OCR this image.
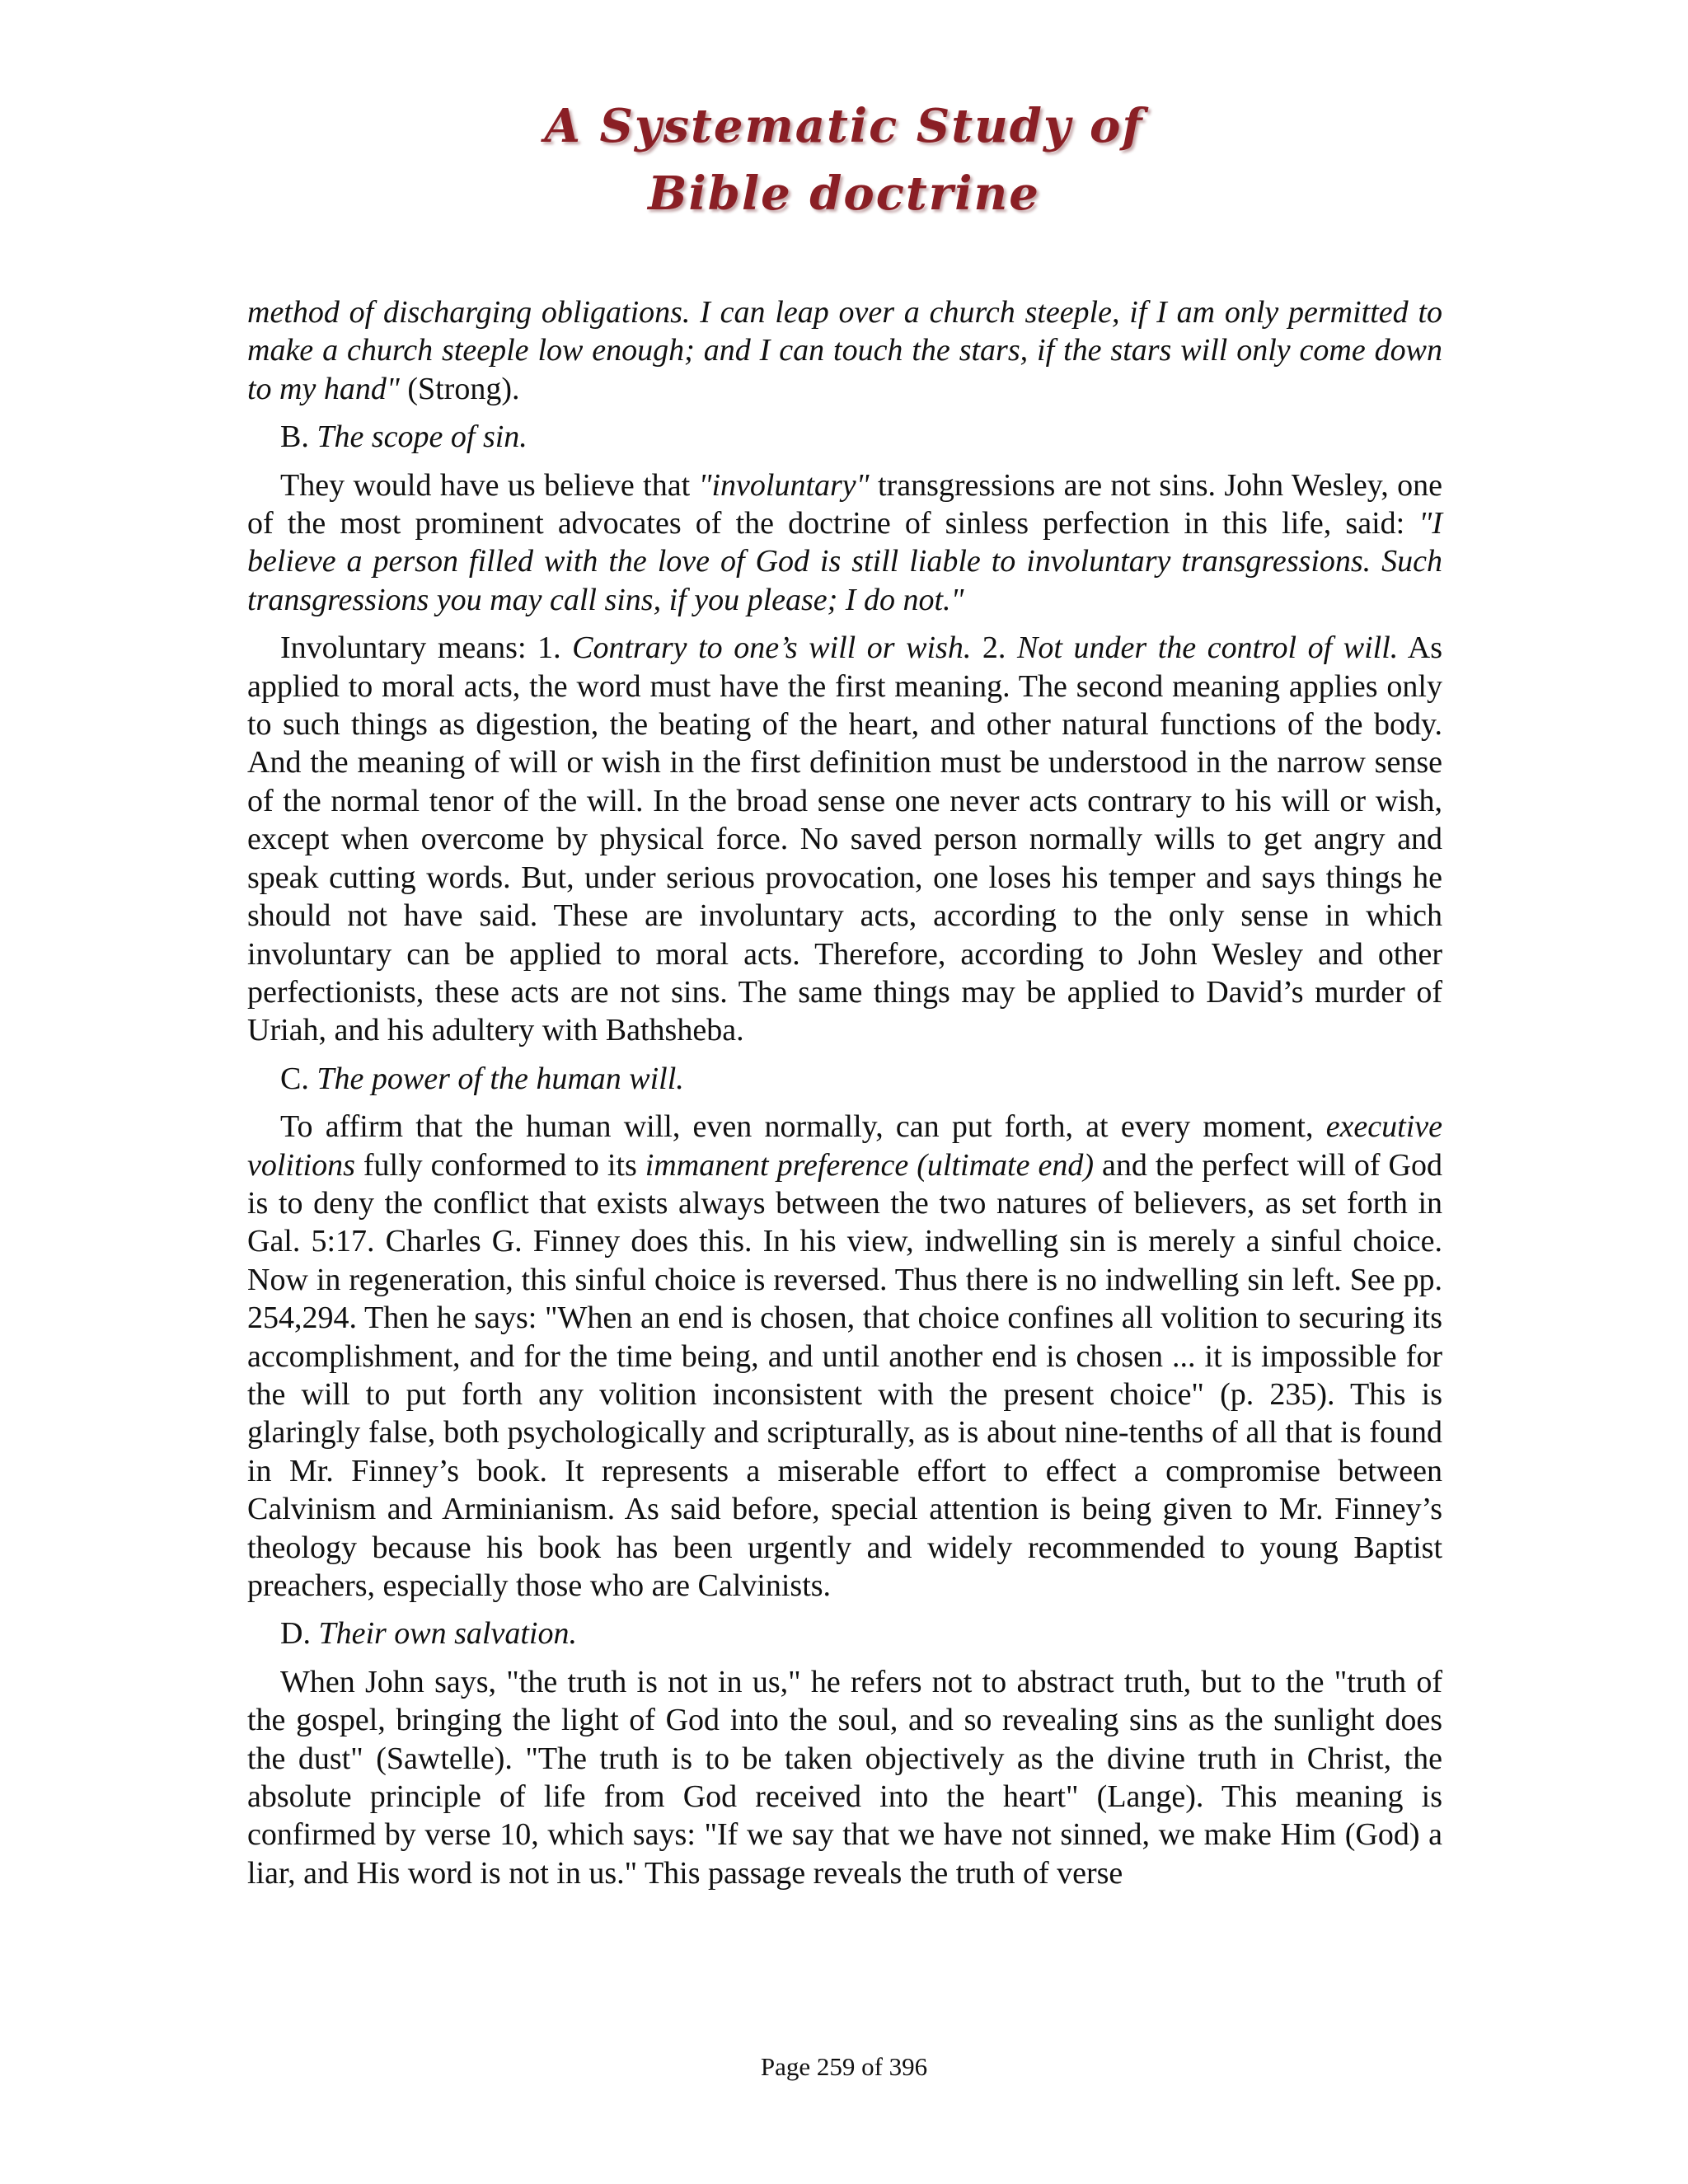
A Systematic Study of
Bible doctrine

method of discharging obligations. I can leap over a church steeple, if I am only permitted to make a church steeple low enough; and I can touch the stars, if the stars will only come down to my hand" (Strong).

B. The scope of sin.

They would have us believe that "involuntary" transgressions are not sins. John Wesley, one of the most prominent advocates of the doctrine of sinless perfection in this life, said: "I believe a person filled with the love of God is still liable to involuntary transgressions. Such transgressions you may call sins, if you please; I do not."

Involuntary means: 1. Contrary to one’s will or wish. 2. Not under the control of will. As applied to moral acts, the word must have the first meaning. The second meaning applies only to such things as digestion, the beating of the heart, and other natural functions of the body. And the meaning of will or wish in the first definition must be understood in the narrow sense of the normal tenor of the will. In the broad sense one never acts contrary to his will or wish, except when overcome by physical force. No saved person normally wills to get angry and speak cutting words. But, under serious provocation, one loses his temper and says things he should not have said. These are involuntary acts, according to the only sense in which involuntary can be applied to moral acts. Therefore, according to John Wesley and other perfectionists, these acts are not sins. The same things may be applied to David’s murder of Uriah, and his adultery with Bathsheba.

C. The power of the human will.

To affirm that the human will, even normally, can put forth, at every moment, executive volitions fully conformed to its immanent preference (ultimate end) and the perfect will of God is to deny the conflict that exists always between the two natures of believers, as set forth in Gal. 5:17. Charles G. Finney does this. In his view, indwelling sin is merely a sinful choice. Now in regeneration, this sinful choice is reversed. Thus there is no indwelling sin left. See pp. 254,294. Then he says: "When an end is chosen, that choice confines all volition to securing its accomplishment, and for the time being, and until another end is chosen ... it is impossible for the will to put forth any volition inconsistent with the present choice" (p. 235). This is glaringly false, both psychologically and scripturally, as is about nine-tenths of all that is found in Mr. Finney’s book. It represents a miserable effort to effect a compromise between Calvinism and Arminianism. As said before, special attention is being given to Mr. Finney’s theology because his book has been urgently and widely recommended to young Baptist preachers, especially those who are Calvinists.

D. Their own salvation.

When John says, "the truth is not in us," he refers not to abstract truth, but to the "truth of the gospel, bringing the light of God into the soul, and so revealing sins as the sunlight does the dust" (Sawtelle). "The truth is to be taken objectively as the divine truth in Christ, the absolute principle of life from God received into the heart" (Lange). This meaning is confirmed by verse 10, which says: "If we say that we have not sinned, we make Him (God) a liar, and His word is not in us." This passage reveals the truth of verse

Page 259 of 396
